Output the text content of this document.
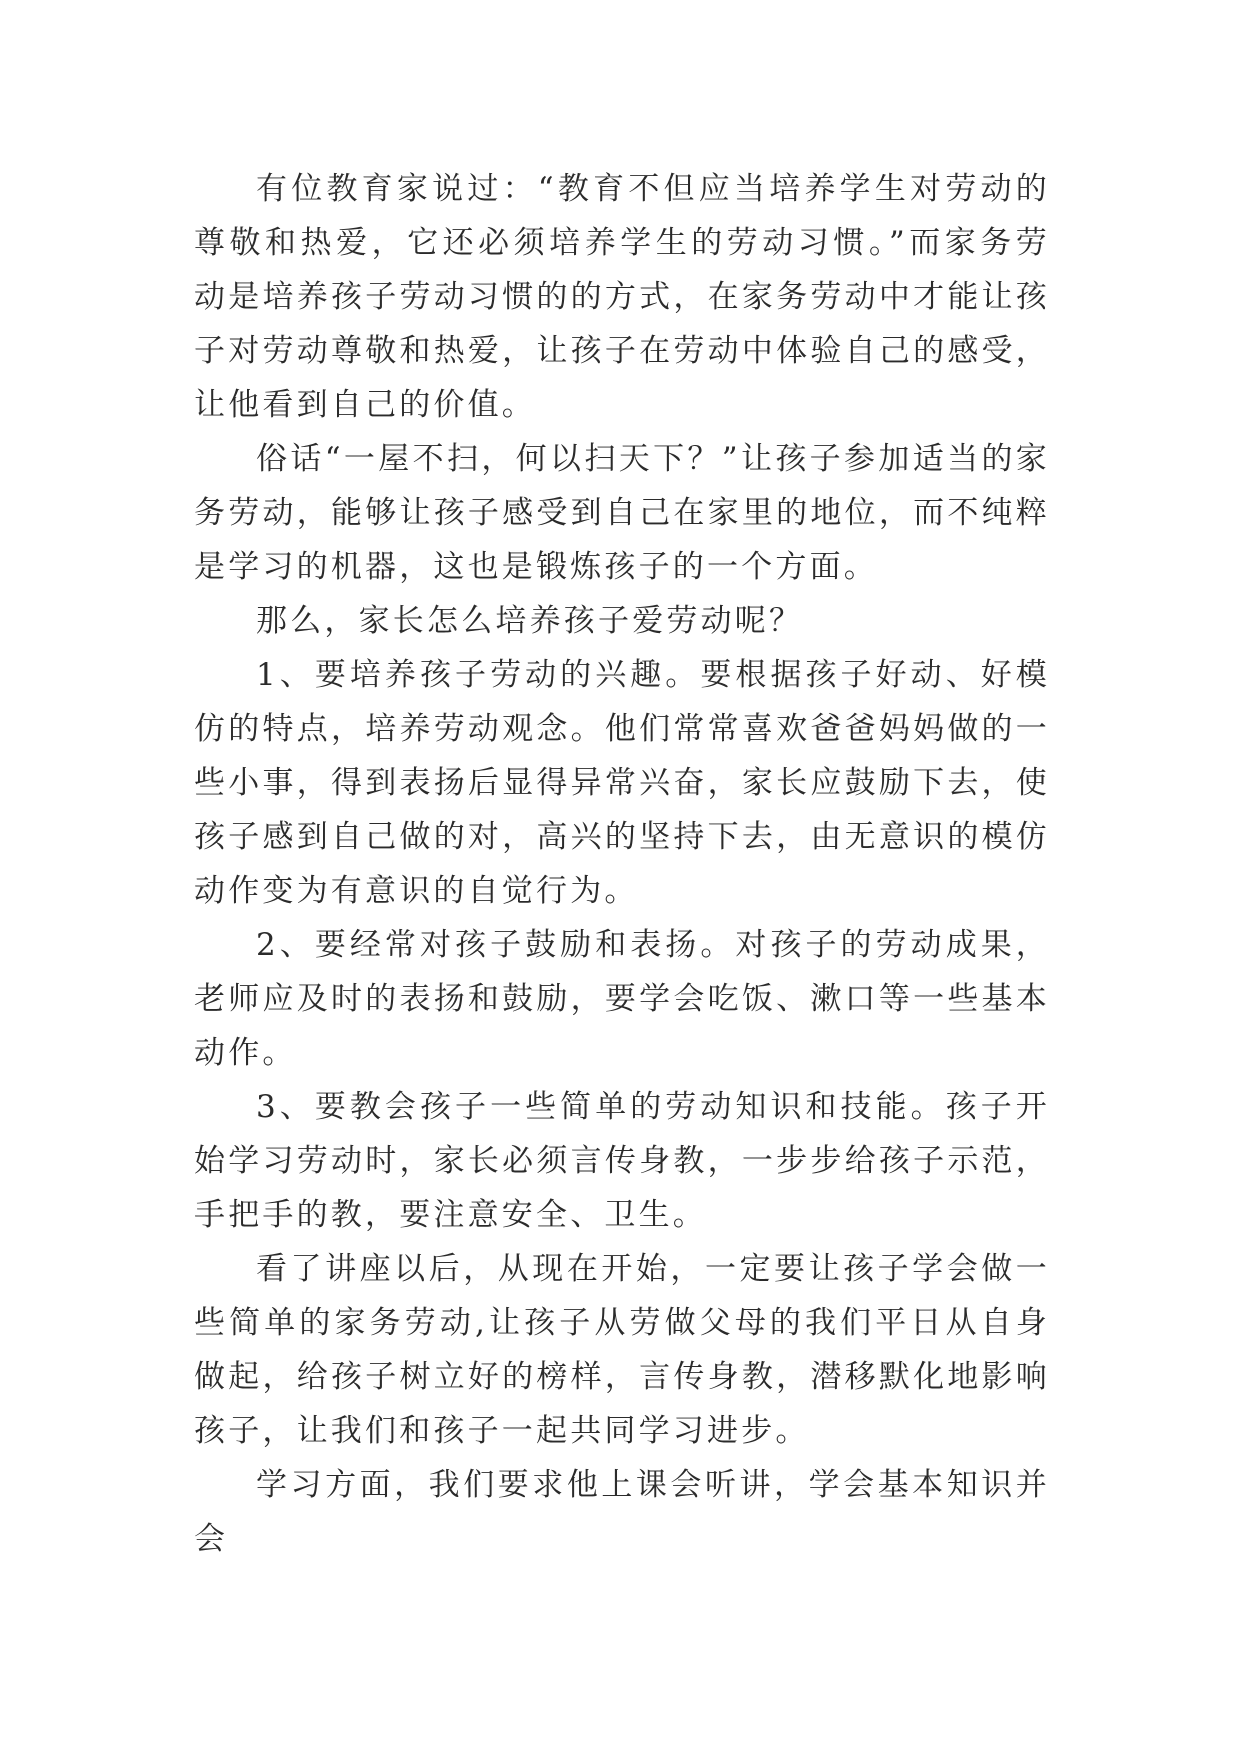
有位教育家说过：“教育不但应当培养学生对劳动的尊敬和热爱，它还必须培养学生的劳动习惯。”而家务劳动是培养孩子劳动习惯的的方式，在家务劳动中才能让孩子对劳动尊敬和热爱，让孩子在劳动中体验自己的感受，让他看到自己的价值。

俗话“一屋不扫，何以扫天下？”让孩子参加适当的家务劳动，能够让孩子感受到自己在家里的地位，而不纯粹是学习的机器，这也是锻炼孩子的一个方面。

那么，家长怎么培养孩子爱劳动呢？

1、要培养孩子劳动的兴趣。要根据孩子好动、好模仿的特点，培养劳动观念。他们常常喜欢爸爸妈妈做的一些小事，得到表扬后显得异常兴奋，家长应鼓励下去，使孩子感到自己做的对，高兴的坚持下去，由无意识的模仿动作变为有意识的自觉行为。

2、要经常对孩子鼓励和表扬。对孩子的劳动成果，老师应及时的表扬和鼓励，要学会吃饭、漱口等一些基本动作。

3、要教会孩子一些简单的劳动知识和技能。孩子开始学习劳动时，家长必须言传身教，一步步给孩子示范，手把手的教，要注意安全、卫生。

看了讲座以后，从现在开始，一定要让孩子学会做一些简单的家务劳动,让孩子从劳做父母的我们平日从自身做起，给孩子树立好的榜样，言传身教，潜移默化地影响孩子，让我们和孩子一起共同学习进步。

学习方面，我们要求他上课会听讲，学会基本知识并会
